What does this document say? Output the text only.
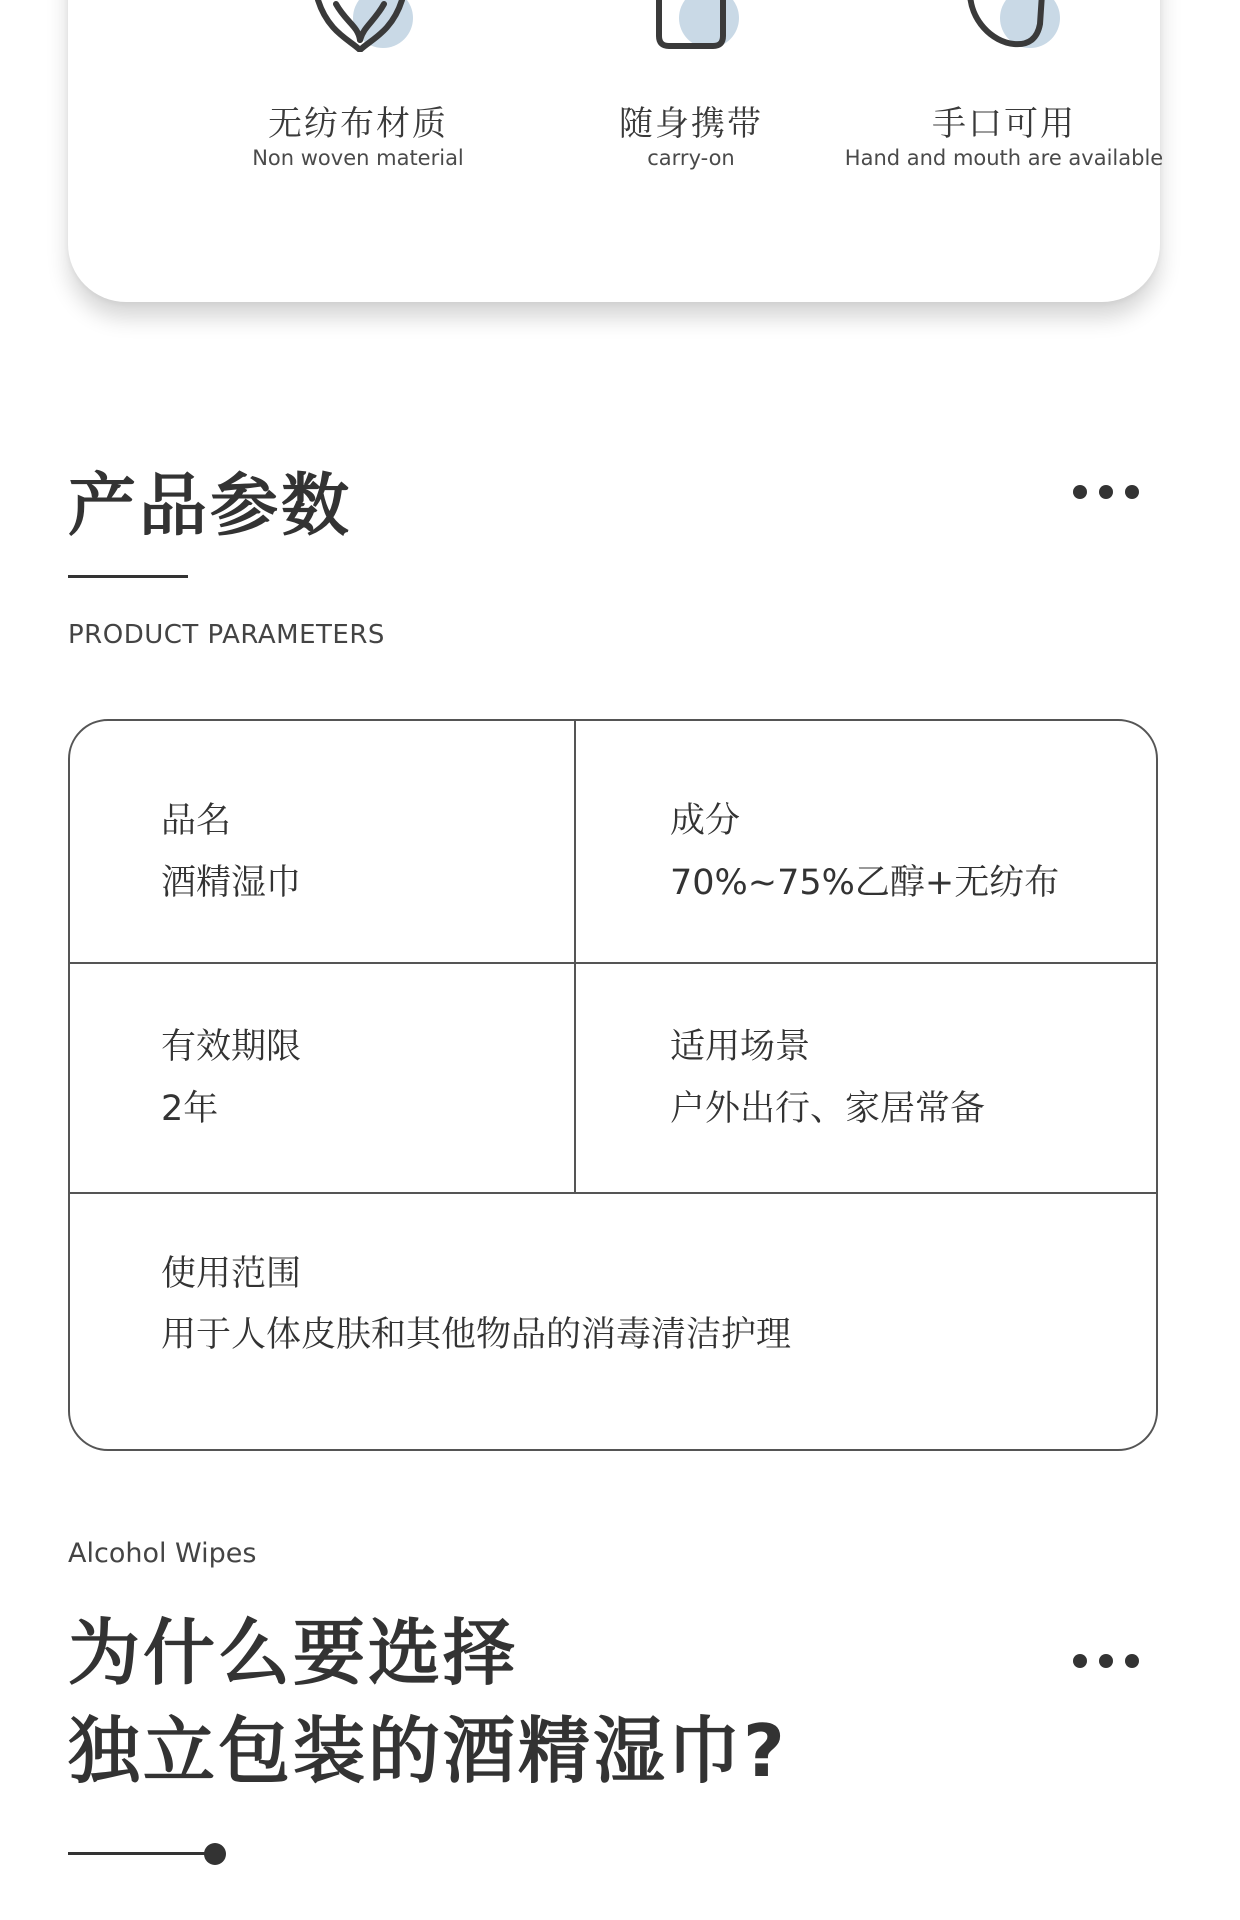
无纺布材质
Non woven material
随身携带
carry-on
手口可用
Hand and mouth are available
产品参数
PRODUCT PARAMETERS
品名
酒精湿巾
成分
70%~75%乙醇+无纺布
有效期限
2年
适用场景
户外出行、家居常备
使用范围
用于人体皮肤和其他物品的消毒清洁护理
Alcohol Wipes
为什么要选择
独立包装的酒精湿巾?
